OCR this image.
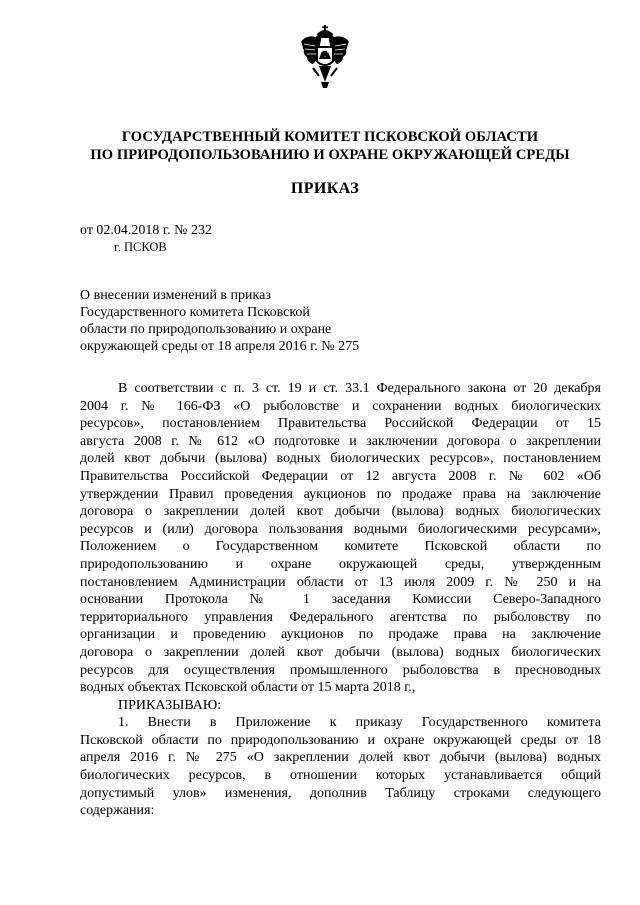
ГОСУДАРСТВЕННЫЙ КОМИТЕТ ПСКОВСКОЙ ОБЛАСТИ
ПО ПРИРОДОПОЛЬЗОВАНИЮ И ОХРАНЕ ОКРУЖАЮЩЕЙ СРЕДЫ
ПРИКАЗ
от 02.04.2018 г. № 232
г. ПСКОВ
О внесении изменений в приказ
Государственного комитета Псковской
области по природопользованию и охране
окружающей среды от 18 апреля 2016 г. № 275
В соответствии с п. 3 ст. 19 и ст. 33.1 Федерального закона от 20 декабря
2004 г. № 166-ФЗ «О рыболовстве и сохранении водных биологических
ресурсов», постановлением Правительства Российской Федерации от 15
августа 2008 г. № 612 «О подготовке и заключении договора о закреплении
долей квот добычи (вылова) водных биологических ресурсов», постановлением
Правительства Российской Федерации от 12 августа 2008 г. № 602 «Об
утверждении Правил проведения аукционов по продаже права на заключение
договора о закреплении долей квот добычи (вылова) водных биологических
ресурсов и (или) договора пользования водными биологическими ресурсами»,
Положением о Государственном комитете Псковской области по
природопользованию и охране окружающей среды, утвержденным
постановлением Администрации области от 13 июля 2009 г. № 250 и на
основании Протокола № 1 заседания Комиссии Северо-Западного
территориального управления Федерального агентства по рыболовству по
организации и проведению аукционов по продаже права на заключение
договора о закреплении долей квот добычи (вылова) водных биологических
ресурсов для осуществления промышленного рыболовства в пресноводных
водных объектах Псковской области от 15 марта 2018 г.,
ПРИКАЗЫВАЮ:
1. Внести в Приложение к приказу Государственного комитета
Псковской области по природопользованию и охране окружающей среды от 18
апреля 2016 г. № 275 «О закреплении долей квот добычи (вылова) водных
биологических ресурсов, в отношении которых устанавливается общий
допустимый улов» изменения, дополнив Таблицу строками следующего
содержания:
